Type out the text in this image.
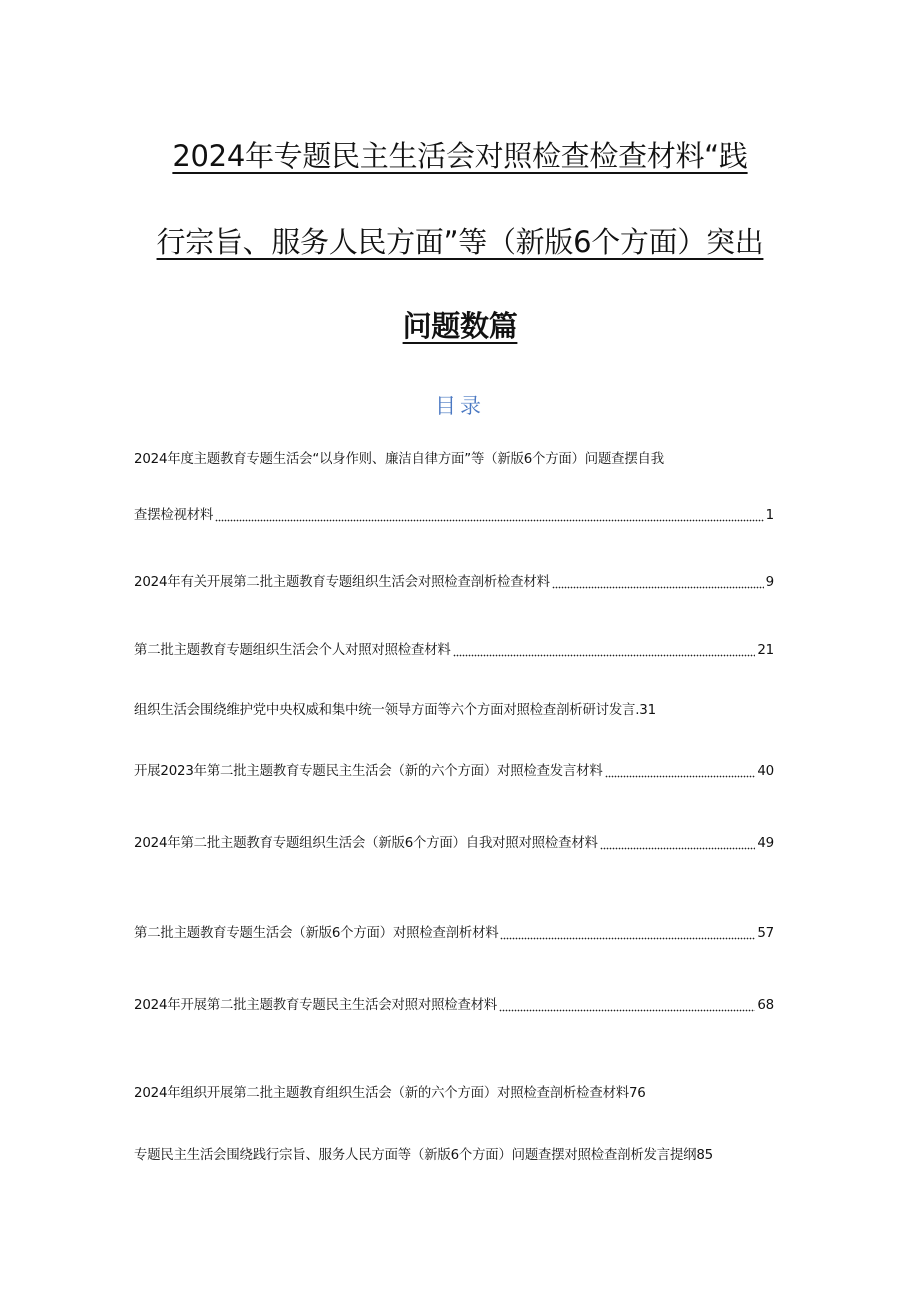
2024年专题民主生活会对照检查检查材料“践
行宗旨、服务人民方面”等（新版6个方面）突出
问题数篇
目录
2024年度主题教育专题生活会“以身作则、廉洁自律方面”等（新版6个方面）问题查摆自我
查摆检视材料	1
2024年有关开展第二批主题教育专题组织生活会对照检查剖析检查材料	9
第二批主题教育专题组织生活会个人对照对照检查材料	21
组织生活会围绕维护党中央权威和集中统一领导方面等六个方面对照检查剖析研讨发言.31
开展2023年第二批主题教育专题民主生活会（新的六个方面）对照检查发言材料	40
2024年第二批主题教育专题组织生活会（新版6个方面）自我对照对照检查材料	49
第二批主题教育专题生活会（新版6个方面）对照检查剖析材料	57
2024年开展第二批主题教育专题民主生活会对照对照检查材料	68
2024年组织开展第二批主题教育组织生活会（新的六个方面）对照检查剖析检查材料76
专题民主生活会围绕践行宗旨、服务人民方面等（新版6个方面）问题查摆对照检查剖析发言提纲85
